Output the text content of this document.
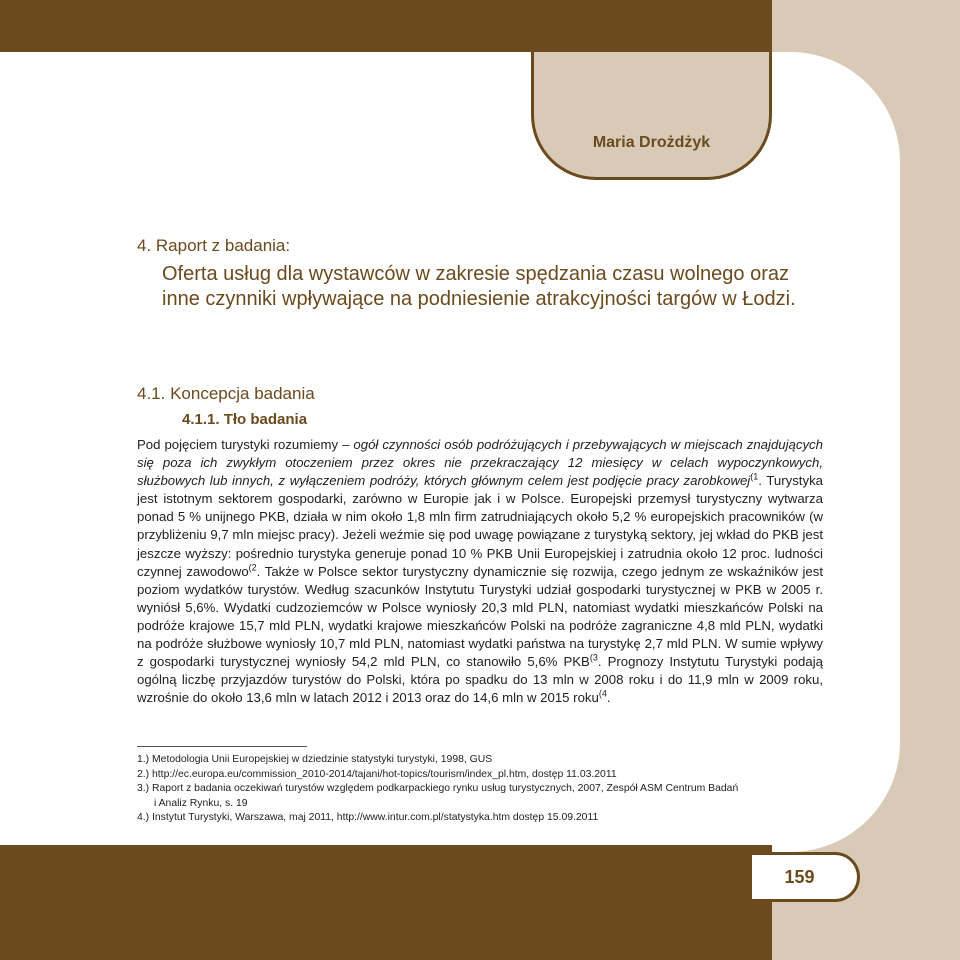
Maria Drożdżyk
4. Raport z badania:
Oferta usług dla wystawców w zakresie spędzania czasu wolnego oraz inne czynniki wpływające na podniesienie atrakcyjności targów w Łodzi.
4.1. Koncepcja badania
4.1.1. Tło badania

Pod pojęciem turystyki rozumiemy – ogół czynności osób podróżujących i przebywających w miejscach znajdujących się poza ich zwykłym otoczeniem przez okres nie przekraczający 12 miesięcy w celach wypoczynkowych, służbowych lub innych, z wyłączeniem podróży, których głównym celem jest podjęcie pracy zarobkowej$^{(1}$. Turystyka jest istotnym sektorem gospodarki, zarówno w Europie jak i w Polsce. Europejski przemysł turystyczny wytwarza ponad 5 % unijnego PKB, działa w nim około 1,8 mln firm zatrudniających około 5,2 % europejskich pracowników (w przybliżeniu 9,7 mln miejsc pracy). Jeżeli weźmie się pod uwagę powiązane z turystyką sektory, jej wkład do PKB jest jeszcze wyższy: pośrednio turystyka generuje ponad 10 % PKB Unii Europejskiej i zatrudnia około 12 proc. ludności czynnej zawodowo$^{(2}$. Także w Polsce sektor turystyczny dynamicznie się rozwija, czego jednym ze wskaźników jest poziom wydatków turystów. Według szacunków Instytutu Turystyki udział gospodarki turystycznej w PKB w 2005 r. wyniósł 5,6%. Wydatki cudzoziemców w Polsce wyniosły 20,3 mld PLN, natomiast wydatki mieszkańców Polski na podróże krajowe 15,7 mld PLN, wydatki krajowe mieszkańców Polski na podróże zagraniczne 4,8 mld PLN, wydatki na podróże służbowe wyniosły 10,7 mld PLN, natomiast wydatki państwa na turystykę 2,7 mld PLN. W sumie wpływy z gospodarki turystycznej wyniosły 54,2 mld PLN, co stanowiło 5,6% PKB$^{(3}$. Prognozy Instytutu Turystyki podają ogólną liczbę przyjazdów turystów do Polski, która po spadku do 13 mln w 2008 roku i do 11,9 mln w 2009 roku, wzrośnie do około 13,6 mln w latach 2012 i 2013 oraz do 14,6 mln w 2015 roku$^{(4}$.

1.) Metodologia Unii Europejskiej w dziedzinie statystyki turystyki, 1998, GUS
2.) http://ec.europa.eu/commission_2010-2014/tajani/hot-topics/tourism/index_pl.htm, dostęp 11.03.2011
3.) Raport z badania oczekiwań turystów względem podkarpackiego rynku usług turystycznych, 2007, Zespół ASM Centrum Badań
i Analiz Rynku, s. 19
4.) Instytut Turystyki, Warszawa, maj 2011, http://www.intur.com.pl/statystyka.htm dostęp 15.09.2011
159
